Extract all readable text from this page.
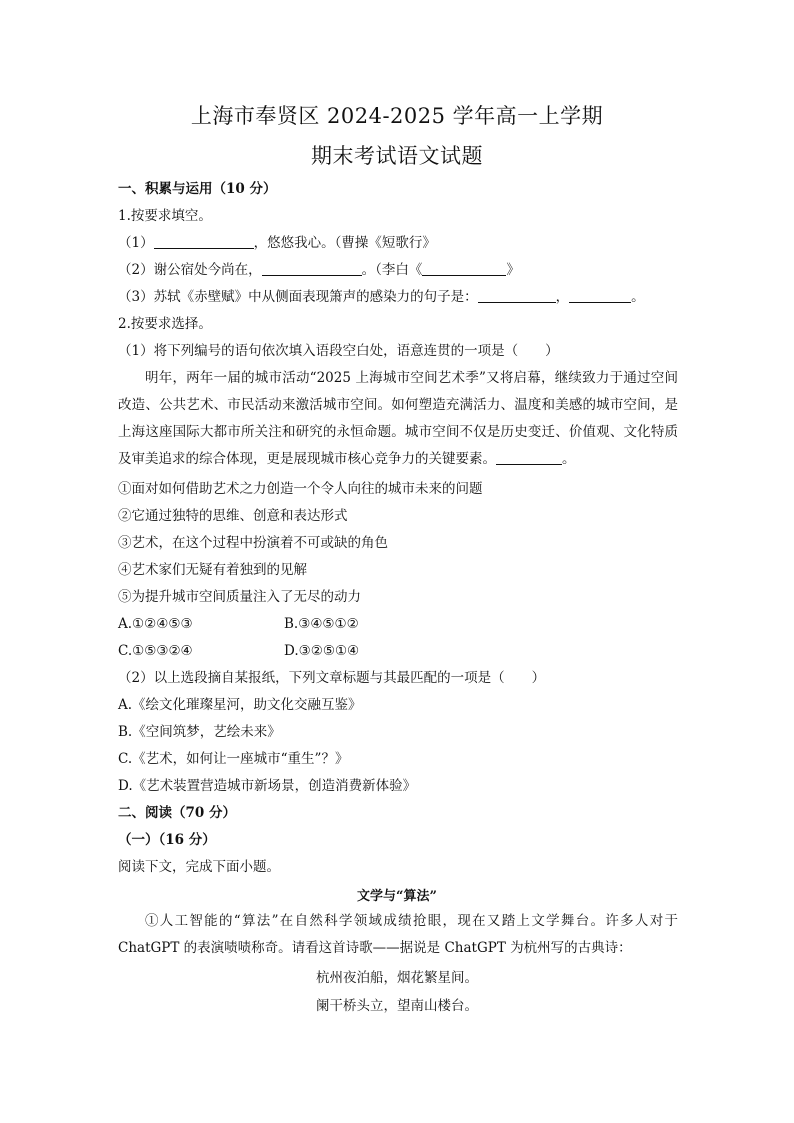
上海市奉贤区 2024-2025 学年高一上学期
期末考试语文试题
一、积累与运用（10 分）
1.按要求填空。
（1）	，悠悠我心。（曹操《短歌行》
（2）谢公宿处今尚在，	。（李白《	》
（3）苏轼《赤壁赋》中从侧面表现箫声的感染力的句子是：	，	。
2.按要求选择。
（1）将下列编号的语句依次填入语段空白处，语意连贯的一项是（　　）
明年，两年一届的城市活动“2025 上海城市空间艺术季”又将启幕，继续致力于通过空间改造、公共艺术、市民活动来激活城市空间。如何塑造充满活力、温度和美感的城市空间，是上海这座国际大都市所关注和研究的永恒命题。城市空间不仅是历史变迁、价值观、文化特质及审美追求的综合体现，更是展现城市核心竞争力的关键要素。	。
①面对如何借助艺术之力创造一个令人向往的城市未来的问题
②它通过独特的思维、创意和表达形式
③艺术，在这个过程中扮演着不可或缺的角色
④艺术家们无疑有着独到的见解
⑤为提升城市空间质量注入了无尽的动力
A.①②④⑤③	B.③④⑤①②
C.①⑤③②④	D.③②⑤①④
（2）以上选段摘自某报纸，下列文章标题与其最匹配的一项是（　　）
A.《绘文化璀璨星河，助文化交融互鉴》
B.《空间筑梦，艺绘未来》
C.《艺术，如何让一座城市“重生”？》
D.《艺术装置营造城市新场景，创造消费新体验》
二、阅读（70 分）
（一）（16 分）
阅读下文，完成下面小题。
文学与“算法”
①人工智能的“算法”在自然科学领域成绩抢眼，现在又踏上文学舞台。许多人对于 ChatGPT 的表演啧啧称奇。请看这首诗歌——据说是 ChatGPT 为杭州写的古典诗：
杭州夜泊船，烟花繁星间。
阑干桥头立，望南山楼台。
